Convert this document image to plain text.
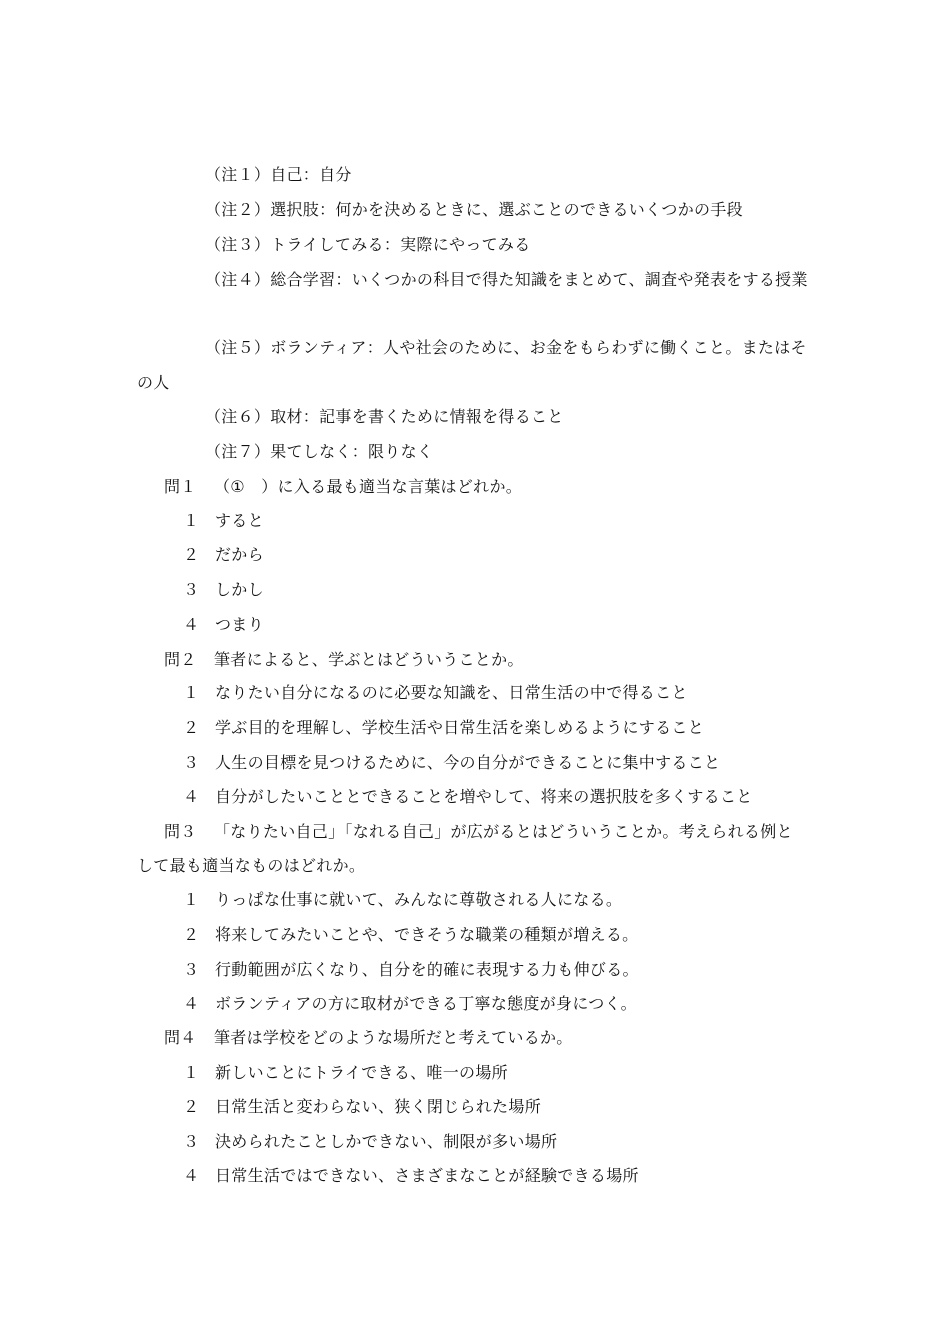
（注１）自己：自分
（注２）選択肢：何かを決めるときに、選ぶことのできるいくつかの手段
（注３）トライしてみる：実際にやってみる
（注４）総合学習：いくつかの科目で得た知識をまとめて、調査や発表をする授業
（注５）ボランティア：人や社会のために、お金をもらわずに働くこと。またはそ
の人
（注６）取材：記事を書くために情報を得ること
（注７）果てしなく：限りなく
問１ （①　）に入る最も適当な言葉はどれか。
１ すると
２ だから
３ しかし
４ つまり
問２ 筆者によると、学ぶとはどういうことか。
１ なりたい自分になるのに必要な知識を、日常生活の中で得ること
２ 学ぶ目的を理解し、学校生活や日常生活を楽しめるようにすること
３ 人生の目標を見つけるために、今の自分ができることに集中すること
４ 自分がしたいこととできることを増やして、将来の選択肢を多くすること
問３ 「なりたい自己」「なれる自己」が広がるとはどういうことか。考えられる例と
して最も適当なものはどれか。
１ りっぱな仕事に就いて、みんなに尊敬される人になる。
２ 将来してみたいことや、できそうな職業の種類が増える。
３ 行動範囲が広くなり、自分を的確に表現する力も伸びる。
４ ボランティアの方に取材ができる丁寧な態度が身につく。
問４ 筆者は学校をどのような場所だと考えているか。
１ 新しいことにトライできる、唯一の場所
２ 日常生活と変わらない、狭く閉じられた場所
３ 決められたことしかできない、制限が多い場所
４ 日常生活ではできない、さまざまなことが経験できる場所
